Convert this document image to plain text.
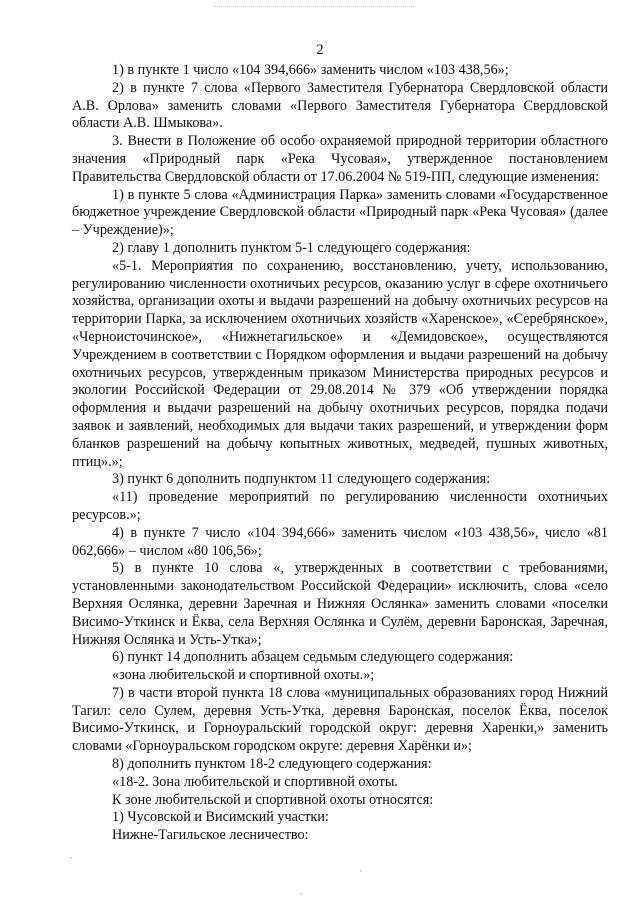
2

1) в пункте 1 число «104 394,666» заменить числом «103 438,56»;

2) в пункте 7 слова «Первого Заместителя Губернатора Свердловской области А.В. Орлова» заменить словами «Первого Заместителя Губернатора Свердловской области А.В. Шмыкова».

3. Внести в Положение об особо охраняемой природной территории областного значения «Природный парк «Река Чусовая», утвержденное постановлением Правительства Свердловской области от 17.06.2004 № 519-ПП, следующие изменения:

1) в пункте 5 слова «Администрация Парка» заменить словами «Государственное бюджетное учреждение Свердловской области «Природный парк «Река Чусовая» (далее – Учреждение)»;

2) главу 1 дополнить пунктом 5-1 следующего содержания:

«5-1. Мероприятия по сохранению, восстановлению, учету, использованию, регулированию численности охотничьих ресурсов, оказанию услуг в сфере охотничьего хозяйства, организации охоты и выдачи разрешений на добычу охотничьих ресурсов на территории Парка, за исключением охотничьих хозяйств «Харенское», «Серебрянское», «Черноисточинское», «Нижнетагильское» и «Демидовское», осуществляются Учреждением в соответствии с Порядком оформления и выдачи разрешений на добычу охотничьих ресурсов, утвержденным приказом Министерства природных ресурсов и экологии Российской Федерации от 29.08.2014 № 379 «Об утверждении порядка оформления и выдачи разрешений на добычу охотничьих ресурсов, порядка подачи заявок и заявлений, необходимых для выдачи таких разрешений, и утверждении форм бланков разрешений на добычу копытных животных, медведей, пушных животных, птиц».»;

3) пункт 6 дополнить подпунктом 11 следующего содержания:

«11) проведение мероприятий по регулированию численности охотничьих ресурсов.»;

4) в пункте 7 число «104 394,666» заменить числом «103 438,56», число «81 062,666» – числом «80 106,56»;

5) в пункте 10 слова «, утвержденных в соответствии с требованиями, установленными законодательством Российской Федерации» исключить, слова «село Верхняя Ослянка, деревни Заречная и Нижняя Ослянка» заменить словами «поселки Висимо-Уткинск и Ёква, села Верхняя Ослянка и Сулём, деревни Баронская, Заречная, Нижняя Ослянка и Усть-Утка»;

6) пункт 14 дополнить абзацем седьмым следующего содержания:

«зона любительской и спортивной охоты.»;

7) в части второй пункта 18 слова «муниципальных образованиях город Нижний Тагил: село Сулем, деревня Усть-Утка, деревня Баронская, поселок Ёква, поселок Висимо-Уткинск, и Горноуральский городской округ: деревня Харенки,» заменить словами «Горноуральском городском округе: деревня Харёнки и»;

8) дополнить пунктом 18-2 следующего содержания:

«18-2. Зона любительской и спортивной охоты.

К зоне любительской и спортивной охоты относятся:

1) Чусовской и Висимский участки:

Нижне-Тагильское лесничество:
